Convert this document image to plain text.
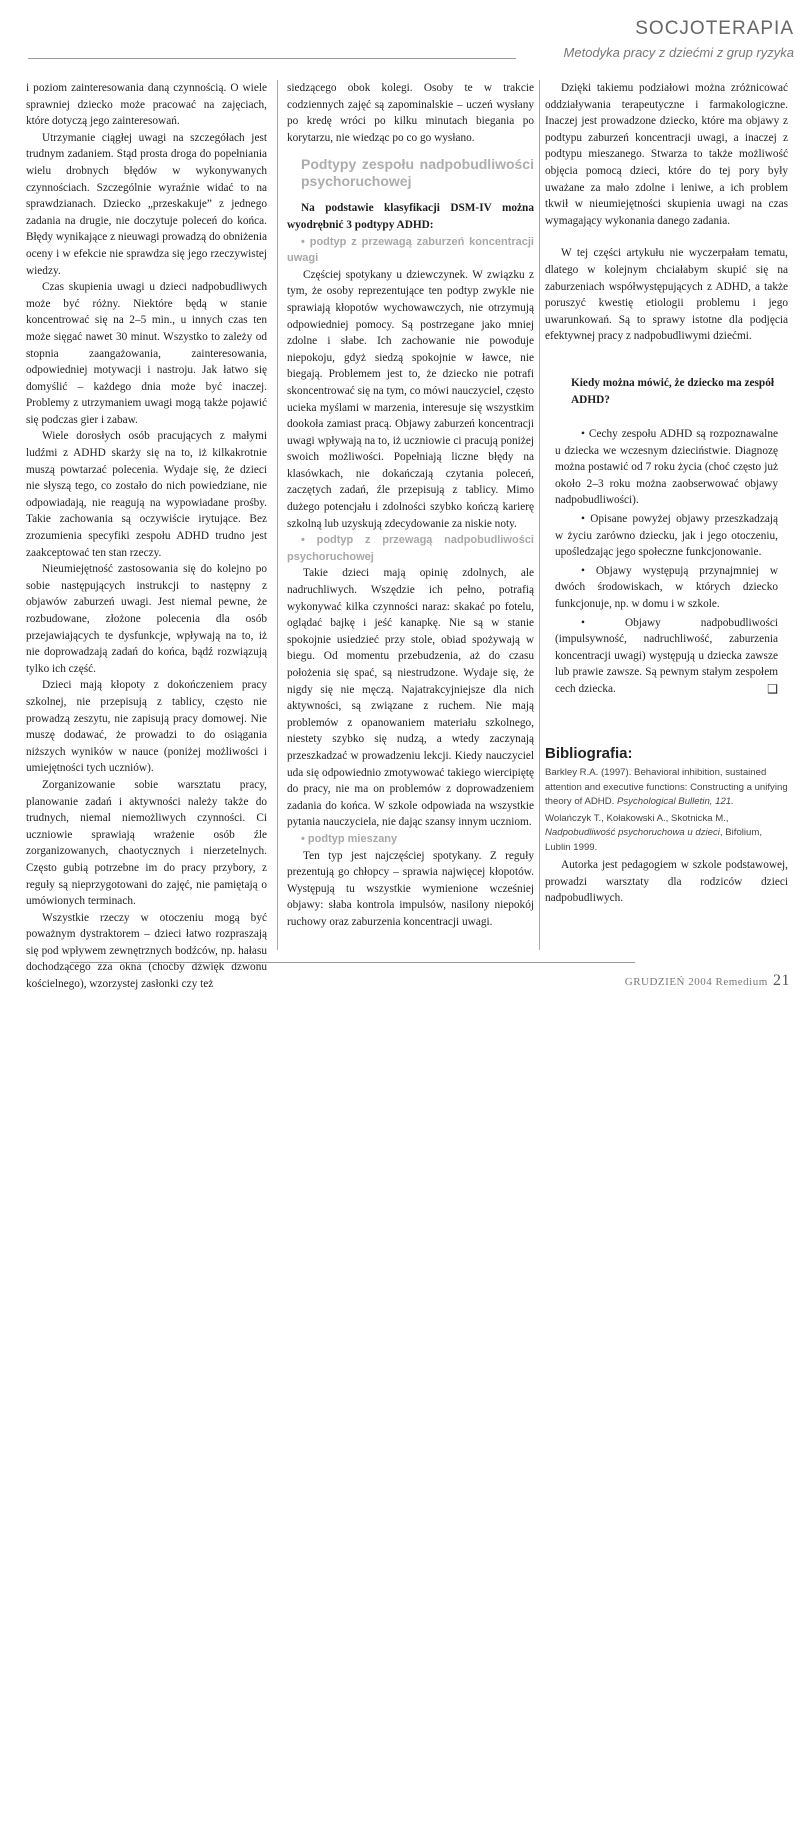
SOCJOTERAPIA
Metodyka pracy z dziećmi z grup ryzyka

i poziom zainteresowania daną czynnością. O wiele sprawniej dziecko może pracować na zajęciach, które dotyczą jego zainteresowań.

Utrzymanie ciągłej uwagi na szczegółach jest trudnym zadaniem. Stąd prosta droga do popełniania wielu drobnych błędów w wykonywanych czynnościach. Szczególnie wyraźnie widać to na sprawdzianach. Dziecko „przeskakuje” z jednego zadania na drugie, nie doczytuje poleceń do końca. Błędy wynikające z nieuwagi prowadzą do obniżenia oceny i w efekcie nie sprawdza się jego rzeczywistej wiedzy.

Czas skupienia uwagi u dzieci nadpobudliwych może być różny. Niektóre będą w stanie koncentrować się na 2–5 min., u innych czas ten może sięgać nawet 30 minut. Wszystko to zależy od stopnia zaangażowania, zainteresowania, odpowiedniej motywacji i nastroju. Jak łatwo się domyślić – każdego dnia może być inaczej. Problemy z utrzymaniem uwagi mogą także pojawić się podczas gier i zabaw.

Wiele dorosłych osób pracujących z małymi ludźmi z ADHD skarży się na to, iż kilkakrotnie muszą powtarzać polecenia. Wydaje się, że dzieci nie słyszą tego, co zostało do nich powiedziane, nie odpowiadają, nie reagują na wypowiadane prośby. Takie zachowania są oczywiście irytujące. Bez zrozumienia specyfiki zespołu ADHD trudno jest zaakceptować ten stan rzeczy.

Nieumiejętność zastosowania się do kolejno po sobie następujących instrukcji to następny z objawów zaburzeń uwagi. Jest niemal pewne, że rozbudowane, złożone polecenia dla osób przejawiających te dysfunkcje, wpływają na to, iż nie doprowadzają zadań do końca, bądź rozwiązują tylko ich część.

Dzieci mają kłopoty z dokończeniem pracy szkolnej, nie przepisują z tablicy, często nie prowadzą zeszytu, nie zapisują pracy domowej. Nie muszę dodawać, że prowadzi to do osiągania niższych wyników w nauce (poniżej możliwości i umiejętności tych uczniów).

Zorganizowanie sobie warsztatu pracy, planowanie zadań i aktywności należy także do trudnych, niemal niemożliwych czynności. Ci uczniowie sprawiają wrażenie osób źle zorganizowanych, chaotycznych i nierzetelnych. Często gubią potrzebne im do pracy przybory, z reguły są nieprzygotowani do zajęć, nie pamiętają o umówionych terminach.

Wszystkie rzeczy w otoczeniu mogą być poważnym dystraktorem – dzieci łatwo rozpraszają się pod wpływem zewnętrznych bodźców, np. hałasu dochodzącego zza okna (choćby dźwięk dzwonu kościelnego), wzorzystej zasłonki czy też

siedzącego obok kolegi. Osoby te w trakcie codziennych zajęć są zapominalskie – uczeń wysłany po kredę wróci po kilku minutach biegania po korytarzu, nie wiedząc po co go wysłano.

Podtypy zespołu nadpobudliwości psychoruchowej

Na podstawie klasyfikacji DSM-IV można wyodrębnić 3 podtypy ADHD:

• podtyp z przewagą zaburzeń koncentracji uwagi

Częściej spotykany u dziewczynek. W związku z tym, że osoby reprezentujące ten podtyp zwykle nie sprawiają kłopotów wychowawczych, nie otrzymują odpowiedniej pomocy. Są postrzegane jako mniej zdolne i słabe. Ich zachowanie nie powoduje niepokoju, gdyż siedzą spokojnie w ławce, nie biegają. Problemem jest to, że dziecko nie potrafi skoncentrować się na tym, co mówi nauczyciel, często ucieka myślami w marzenia, interesuje się wszystkim dookoła zamiast pracą. Objawy zaburzeń koncentracji uwagi wpływają na to, iż uczniowie ci pracują poniżej swoich możliwości. Popełniają liczne błędy na klasówkach, nie dokańczają czytania poleceń, zaczętych zadań, źle przepisują z tablicy. Mimo dużego potencjału i zdolności szybko kończą karierę szkolną lub uzyskują zdecydowanie za niskie noty.

• podtyp z przewagą nadpobudliwości psychoruchowej

Takie dzieci mają opinię zdolnych, ale nadruchliwych. Wszędzie ich pełno, potrafią wykonywać kilka czynności naraz: skakać po fotelu, oglądać bajkę i jeść kanapkę. Nie są w stanie spokojnie usiedzieć przy stole, obiad spożywają w biegu. Od momentu przebudzenia, aż do czasu położenia się spać, są niestrudzone. Wydaje się, że nigdy się nie męczą. Najatrakcyjniejsze dla nich aktywności, są związane z ruchem. Nie mają problemów z opanowaniem materiału szkolnego, niestety szybko się nudzą, a wtedy zaczynają przeszkadzać w prowadzeniu lekcji. Kiedy nauczyciel uda się odpowiednio zmotywować takiego wiercipiętę do pracy, nie ma on problemów z doprowadzeniem zadania do końca. W szkole odpowiada na wszystkie pytania nauczyciela, nie dając szansy innym uczniom.

• podtyp mieszany

Ten typ jest najczęściej spotykany. Z reguły prezentują go chłopcy – sprawia najwięcej kłopotów. Występują tu wszystkie wymienione wcześniej objawy: słaba kontrola impulsów, nasilony niepokój ruchowy oraz zaburzenia koncentracji uwagi.

Dzięki takiemu podziałowi można zróżnicować oddziaływania terapeutyczne i farmakologiczne. Inaczej jest prowadzone dziecko, które ma objawy z podtypu zaburzeń koncentracji uwagi, a inaczej z podtypu mieszanego. Stwarza to także możliwość objęcia pomocą dzieci, które do tej pory były uważane za mało zdolne i leniwe, a ich problem tkwił w nieumiejętności skupienia uwagi na czas wymagający wykonania danego zadania.

W tej części artykułu nie wyczerpałam tematu, dlatego w kolejnym chciałabym skupić się na zaburzeniach współwystępujących z ADHD, a także poruszyć kwestię etiologii problemu i jego uwarunkowań. Są to sprawy istotne dla podjęcia efektywnej pracy z nadpobudliwymi dziećmi.

Kiedy można mówić, że dziecko ma zespół ADHD?

• Cechy zespołu ADHD są rozpoznawalne u dziecka we wczesnym dzieciństwie. Diagnozę można postawić od 7 roku życia (choć często już około 2–3 roku można zaobserwować objawy nadpobudliwości).

• Opisane powyżej objawy przeszkadzają w życiu zarówno dziecku, jak i jego otoczeniu, upośledzając jego społeczne funkcjonowanie.

• Objawy występują przynajmniej w dwóch środowiskach, w których dziecko funkcjonuje, np. w domu i w szkole.

• Objawy nadpobudliwości (impulsywność, nadruchliwość, zaburzenia koncentracji uwagi) występują u dziecka zawsze lub prawie zawsze. Są pewnym stałym zespołem cech dziecka.	❑

Bibliografia:

Barkley R.A. (1997). Behavioral inhibition, sustained attention and executive functions: Constructing a unifying theory of ADHD. Psychological Bulletin, 121.

Wolańczyk T., Kołakowski A., Skotnicka M., Nadpobudliwość psychoruchowa u dzieci, Bifolium, Lublin 1999.

Autorka jest pedagogiem w szkole podstawowej, prowadzi warsztaty dla rodziców dzieci nadpobudliwych.

GRUDZIEŃ 2004 Remedium 21
